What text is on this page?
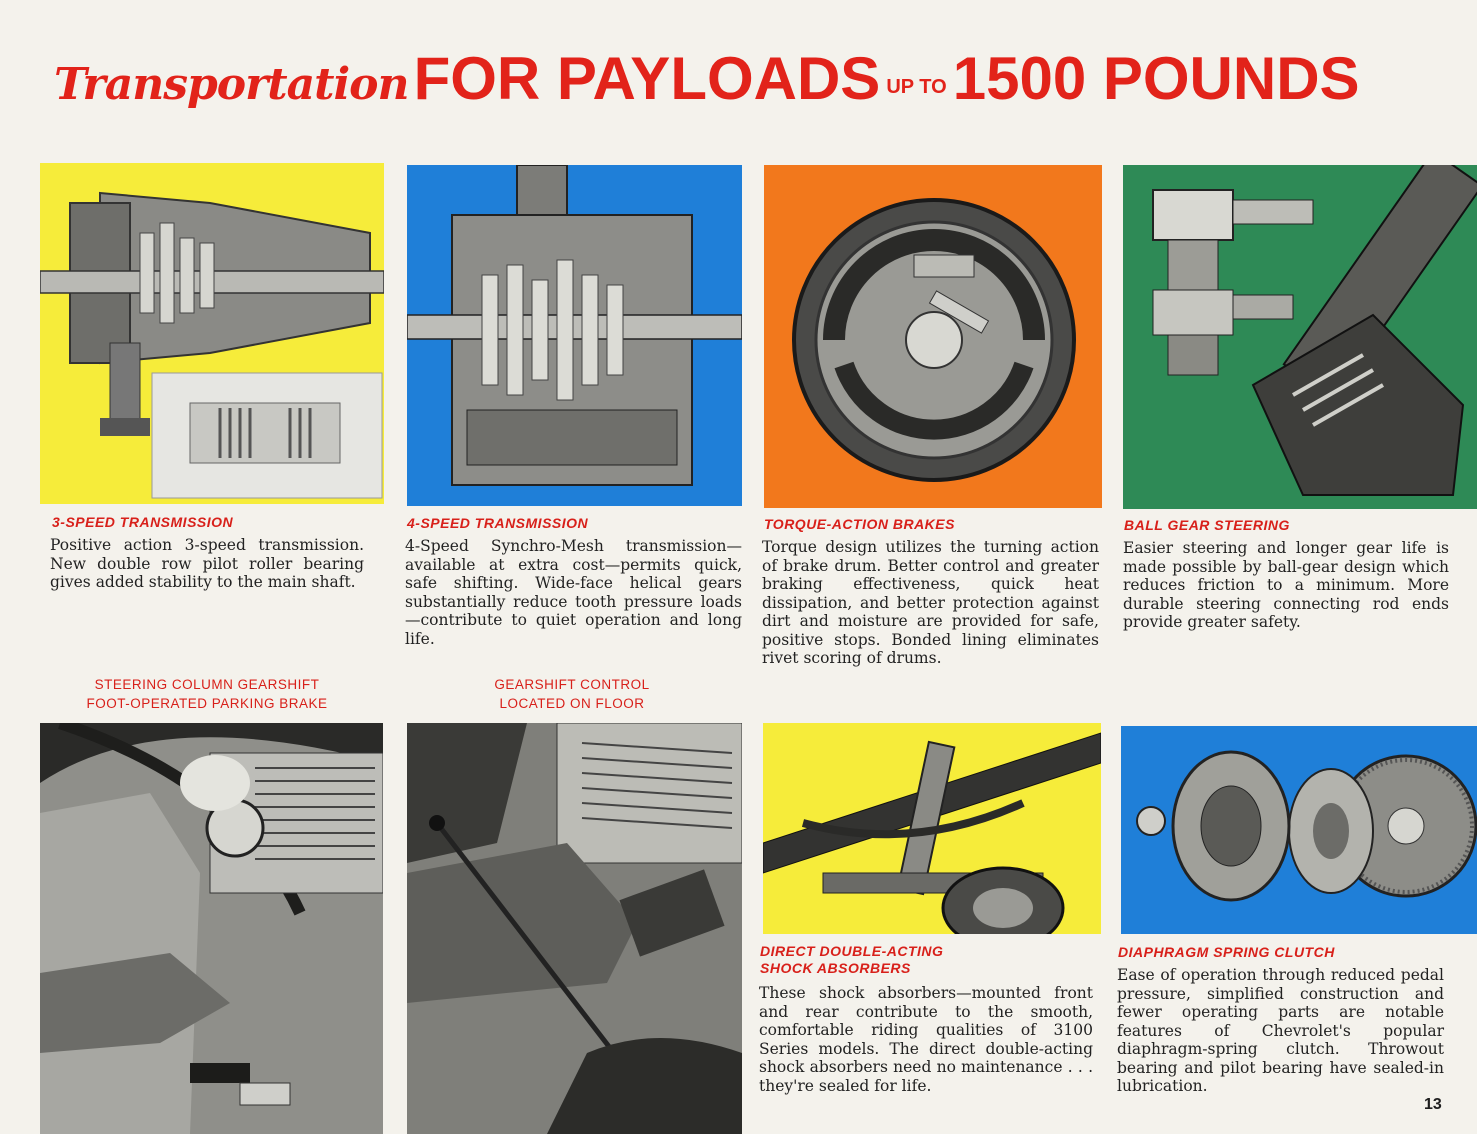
Transportation FOR PAYLOADS UP TO 1500 POUNDS
3-SPEED TRANSMISSION
Positive action 3-speed transmission. New double row pilot roller bearing gives added stability to the main shaft.
4-SPEED TRANSMISSION
4-Speed Synchro-Mesh transmission—available at extra cost—permits quick, safe shifting. Wide-face helical gears substantially reduce tooth pressure loads—contribute to quiet operation and long life.
TORQUE-ACTION BRAKES
Torque design utilizes the turning action of brake drum. Better control and greater braking effectiveness, quick heat dissipation, and better protection against dirt and moisture are provided for safe, positive stops. Bonded lining eliminates rivet scoring of drums.
BALL GEAR STEERING
Easier steering and longer gear life is made possible by ball-gear design which reduces friction to a minimum. More durable steering connecting rod ends provide greater safety.
STEERING COLUMN GEARSHIFT
FOOT-OPERATED PARKING BRAKE
GEARSHIFT CONTROL
LOCATED ON FLOOR
DIRECT DOUBLE-ACTING
SHOCK ABSORBERS
These shock absorbers—mounted front and rear contribute to the smooth, comfortable riding qualities of 3100 Series models. The direct double-acting shock absorbers need no maintenance . . . they're sealed for life.
DIAPHRAGM SPRING CLUTCH
Ease of operation through reduced pedal pressure, simplified construction and fewer operating parts are notable features of Chevrolet's popular diaphragm-spring clutch. Throwout bearing and pilot bearing have sealed-in lubrication.
13
